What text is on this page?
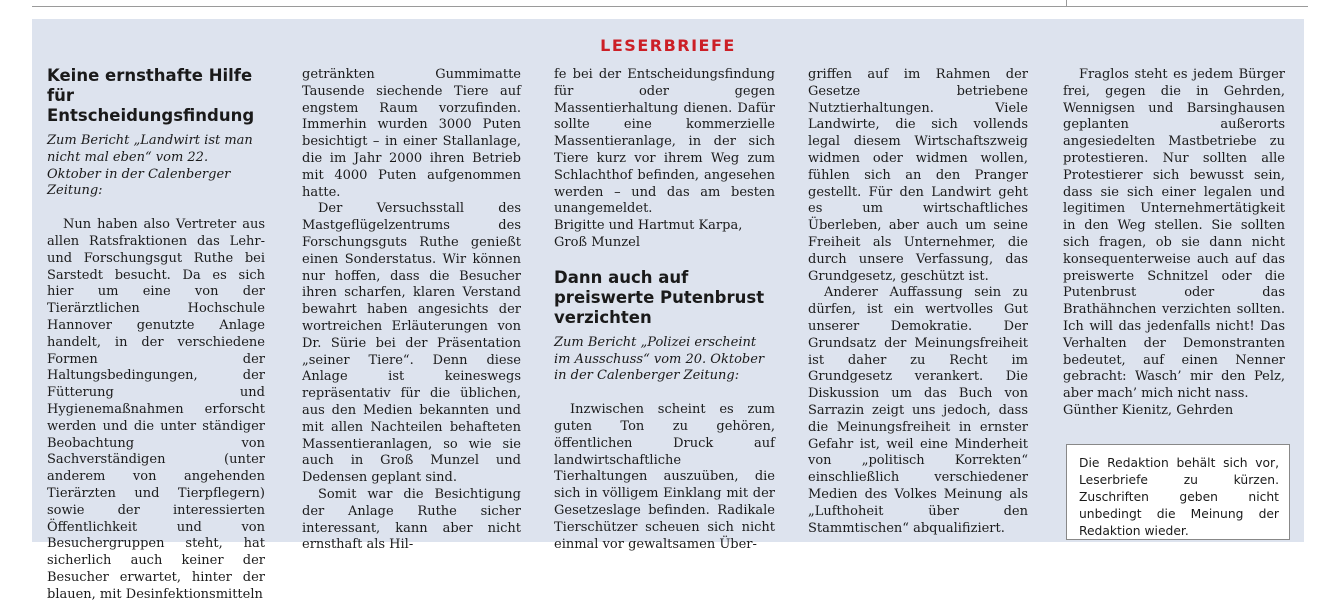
LESERBRIEFE
Keine ernsthafte Hilfe für Entscheidungsfindung

Zum Bericht „Landwirt ist man nicht mal eben“ vom 22. Oktober in der Calenberger Zeitung:

Nun haben also Vertreter aus allen Ratsfraktionen das Lehr- und Forschungsgut Ruthe bei Sarstedt besucht. Da es sich hier um eine von der Tierärztlichen Hochschule Hannover genutzte Anlage handelt, in der verschiedene Formen der Haltungsbedingungen, der Fütterung und Hygienemaßnahmen erforscht werden und die unter ständiger Beobachtung von Sachverständigen (unter anderem von angehenden Tierärzten und Tierpflegern) sowie der interessierten Öffentlichkeit und von Besuchergruppen steht, hat sicherlich auch keiner der Besucher erwartet, hinter der blauen, mit Desinfektionsmitteln

getränkten Gummimatte Tausende siechende Tiere auf engstem Raum vorzufinden. Immerhin wurden 3000 Puten besichtigt – in einer Stallanlage, die im Jahr 2000 ihren Betrieb mit 4000 Puten aufgenommen hatte.

Der Versuchsstall des Mastgeflügelzentrums des Forschungsguts Ruthe genießt einen Sonderstatus. Wir können nur hoffen, dass die Besucher ihren scharfen, klaren Verstand bewahrt haben angesichts der wortreichen Erläuterungen von Dr. Sürie bei der Präsentation „seiner Tiere“. Denn diese Anlage ist keineswegs repräsentativ für die üblichen, aus den Medien bekannten und mit allen Nachteilen behafteten Massentieranlagen, so wie sie auch in Groß Munzel und Dedensen geplant sind.

Somit war die Besichtigung der Anlage Ruthe sicher interessant, kann aber nicht ernsthaft als Hil-

fe bei der Entscheidungsfindung für oder gegen Massentierhaltung dienen. Dafür sollte eine kommerzielle Massentieranlage, in der sich Tiere kurz vor ihrem Weg zum Schlachthof befinden, angesehen werden – und das am besten unangemeldet.

Brigitte und Hartmut Karpa,

Groß Munzel

Dann auch auf preiswerte Putenbrust verzichten

Zum Bericht „Polizei erscheint im Ausschuss“ vom 20. Oktober in der Calenberger Zeitung:

Inzwischen scheint es zum guten Ton zu gehören, öffentlichen Druck auf landwirtschaftliche Tierhaltungen auszuüben, die sich in völligem Einklang mit der Gesetzeslage befinden. Radikale Tierschützer scheuen sich nicht einmal vor gewaltsamen Über-

griffen auf im Rahmen der Gesetze betriebene Nutztierhaltungen. Viele Landwirte, die sich vollends legal diesem Wirtschaftszweig widmen oder widmen wollen, fühlen sich an den Pranger gestellt. Für den Landwirt geht es um wirtschaftliches Überleben, aber auch um seine Freiheit als Unternehmer, die durch unsere Verfassung, das Grundgesetz, geschützt ist.

Anderer Auffassung sein zu dürfen, ist ein wertvolles Gut unserer Demokratie. Der Grundsatz der Meinungsfreiheit ist daher zu Recht im Grundgesetz verankert. Die Diskussion um das Buch von Sarrazin zeigt uns jedoch, dass die Meinungsfreiheit in ernster Gefahr ist, weil eine Minderheit von „politisch Korrekten“ einschließlich verschiedener Medien des Volkes Meinung als „Lufthoheit über den Stammtischen“ abqualifiziert.

Fraglos steht es jedem Bürger frei, gegen die in Gehrden, Wennigsen und Barsinghausen geplanten außerorts angesiedelten Mastbetriebe zu protestieren. Nur sollten alle Protestierer sich bewusst sein, dass sie sich einer legalen und legitimen Unternehmertätigkeit in den Weg stellen. Sie sollten sich fragen, ob sie dann nicht konsequenterweise auch auf das preiswerte Schnitzel oder die Putenbrust oder das Brathähnchen verzichten sollten. Ich will das jedenfalls nicht! Das Verhalten der Demonstranten bedeutet, auf einen Nenner gebracht: Wasch’ mir den Pelz, aber mach’ mich nicht nass.

Günther Kienitz, Gehrden

Die Redaktion behält sich vor, Leserbriefe zu kürzen. Zuschriften geben nicht unbedingt die Meinung der Redaktion wieder.
